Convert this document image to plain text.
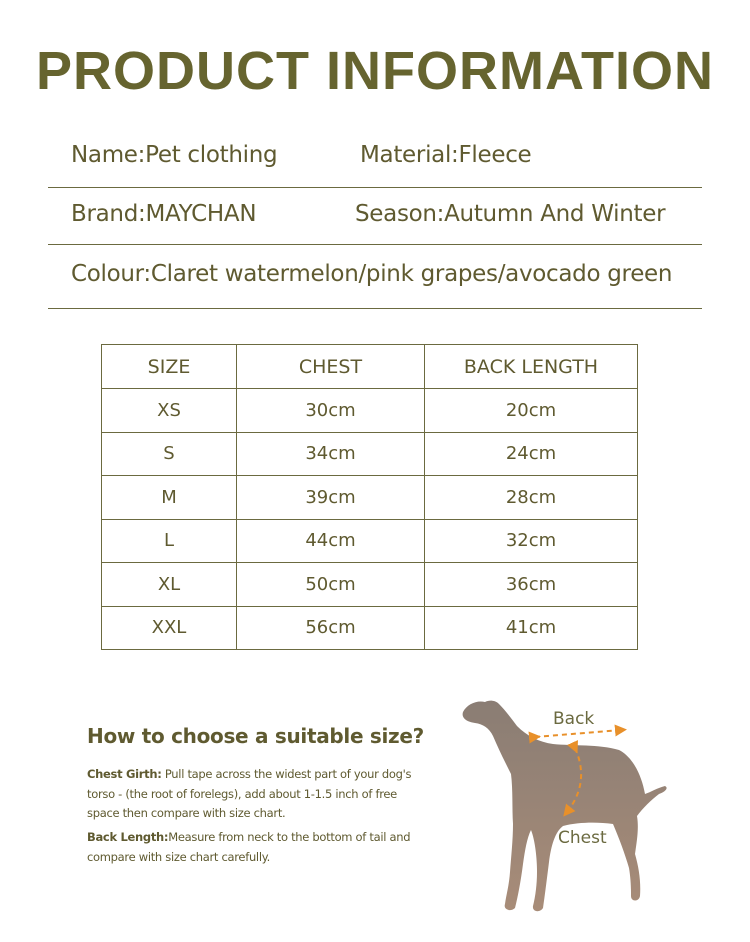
PRODUCT INFORMATION
Name:Pet clothing	Material:Fleece
Brand:MAYCHAN	Season:Autumn And Winter
Colour:Claret watermelon/pink grapes/avocado green
SIZE	CHEST	BACK LENGTH
XS	30cm	20cm
S	34cm	24cm
M	39cm	28cm
L	44cm	32cm
XL	50cm	36cm
XXL	56cm	41cm
How to choose a suitable size?
Chest Girth: Pull tape across the widest part of your dog's torso - (the root of forelegs), add about 1-1.5 inch of free space then compare with size chart.
Back Length:Measure from neck to the bottom of tail and compare with size chart carefully.
Back
Chest
